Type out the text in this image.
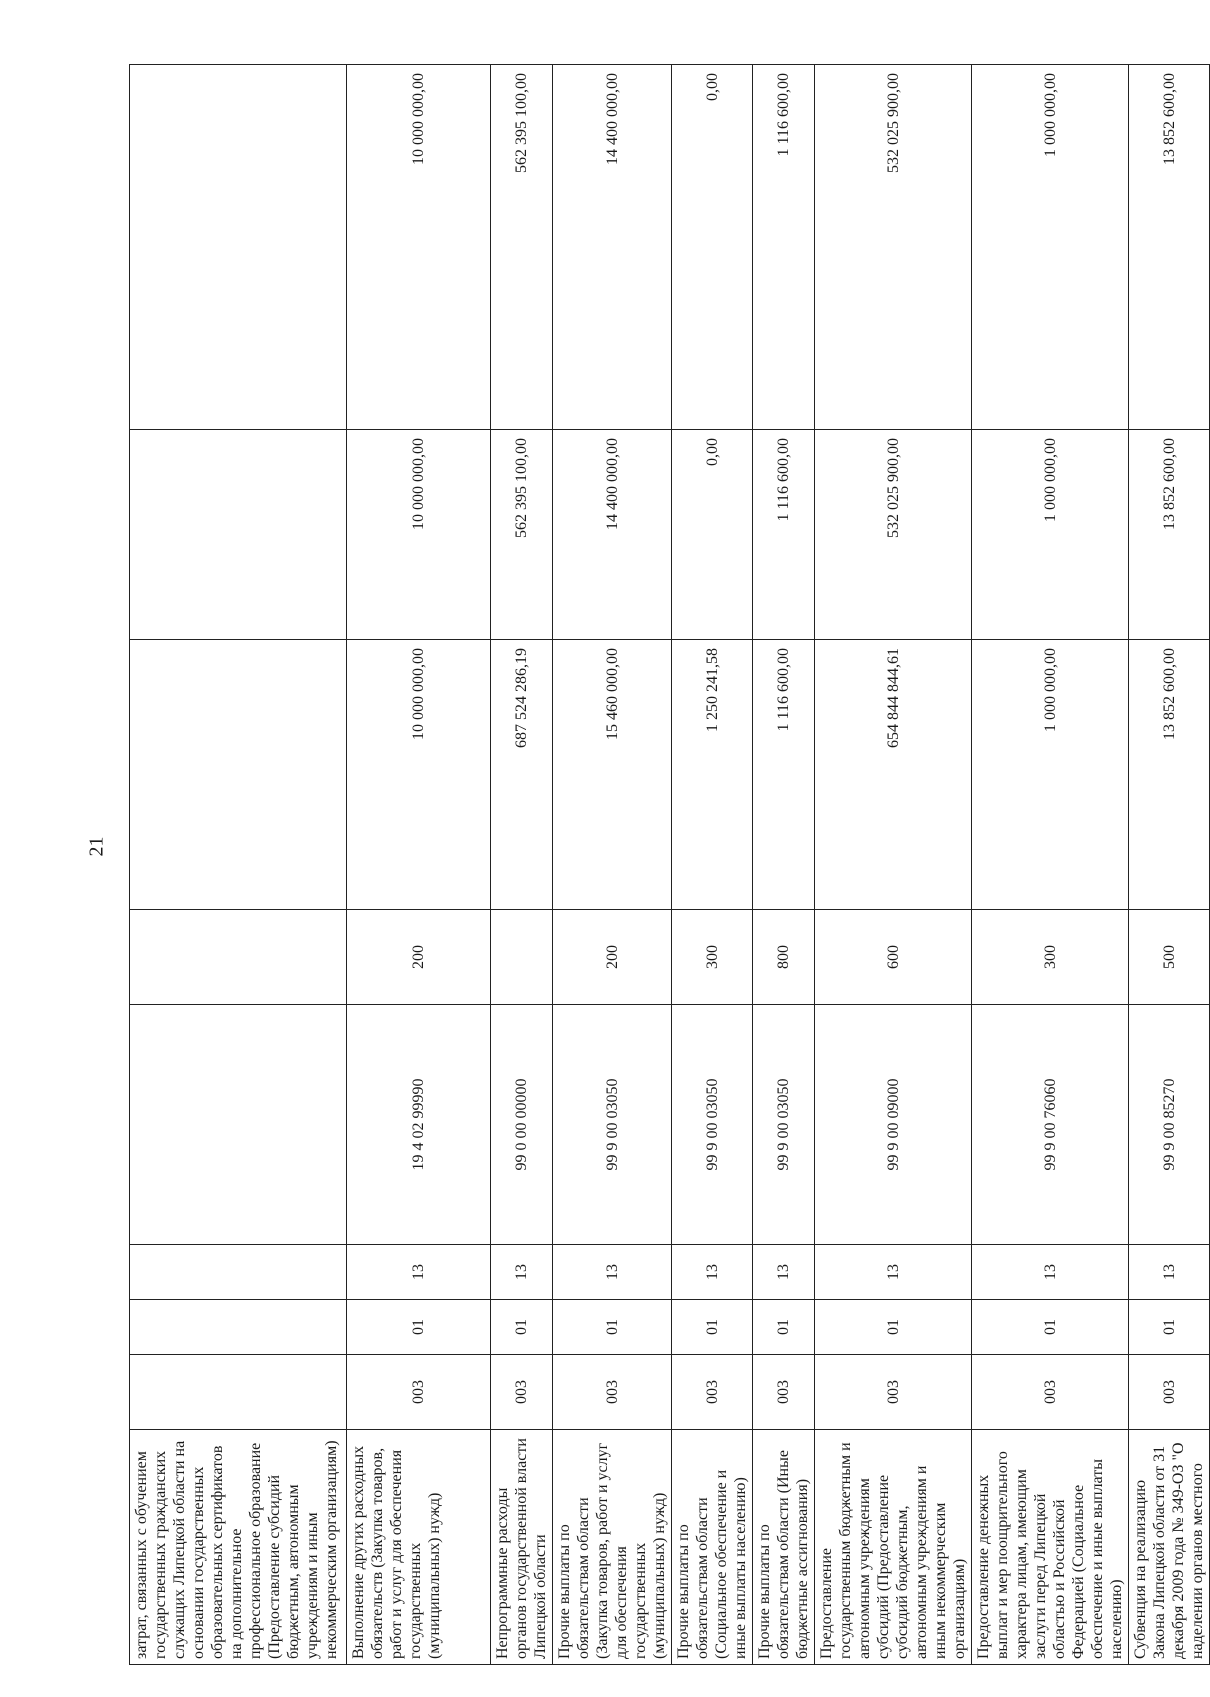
21
затрат, связанных с обучением государственных гражданских служащих Липецкой области на основании государственных образовательных сертификатов на дополнительное профессиональное образование (Предоставление субсидий бюджетным, автономным учреждениям и иным некоммерческим организациям)								
Выполнение других расходных обязательств (Закупка товаров, работ и услуг для обеспечения государственных (муниципальных) нужд)	003	01	13	19 4 02 99990	200	10 000 000,00	10 000 000,00	10 000 000,00
Непрограммные расходы органов государственной власти Липецкой области	003	01	13	99 0 00 00000		687 524 286,19	562 395 100,00	562 395 100,00
Прочие выплаты по обязательствам области (Закупка товаров, работ и услуг для обеспечения государственных (муниципальных) нужд)	003	01	13	99 9 00 03050	200	15 460 000,00	14 400 000,00	14 400 000,00
Прочие выплаты по обязательствам области (Социальное обеспечение и иные выплаты населению)	003	01	13	99 9 00 03050	300	1 250 241,58	0,00	0,00
Прочие выплаты по обязательствам области (Иные бюджетные ассигнования)	003	01	13	99 9 00 03050	800	1 116 600,00	1 116 600,00	1 116 600,00
Предоставление государственным бюджетным и автономным учреждениям субсидий (Предоставление субсидий бюджетным, автономным учреждениям и иным некоммерческим организациям)	003	01	13	99 9 00 09000	600	654 844 844,61	532 025 900,00	532 025 900,00
Предоставление денежных выплат и мер поощрительного характера лицам, имеющим заслуги перед Липецкой областью и Российской Федерацией (Социальное обеспечение и иные выплаты населению)	003	01	13	99 9 00 76060	300	1 000 000,00	1 000 000,00	1 000 000,00
Субвенция на реализацию Закона Липецкой области от 31 декабря 2009 года № 349-ОЗ "О наделении органов местного	003	01	13	99 9 00 85270	500	13 852 600,00	13 852 600,00	13 852 600,00
